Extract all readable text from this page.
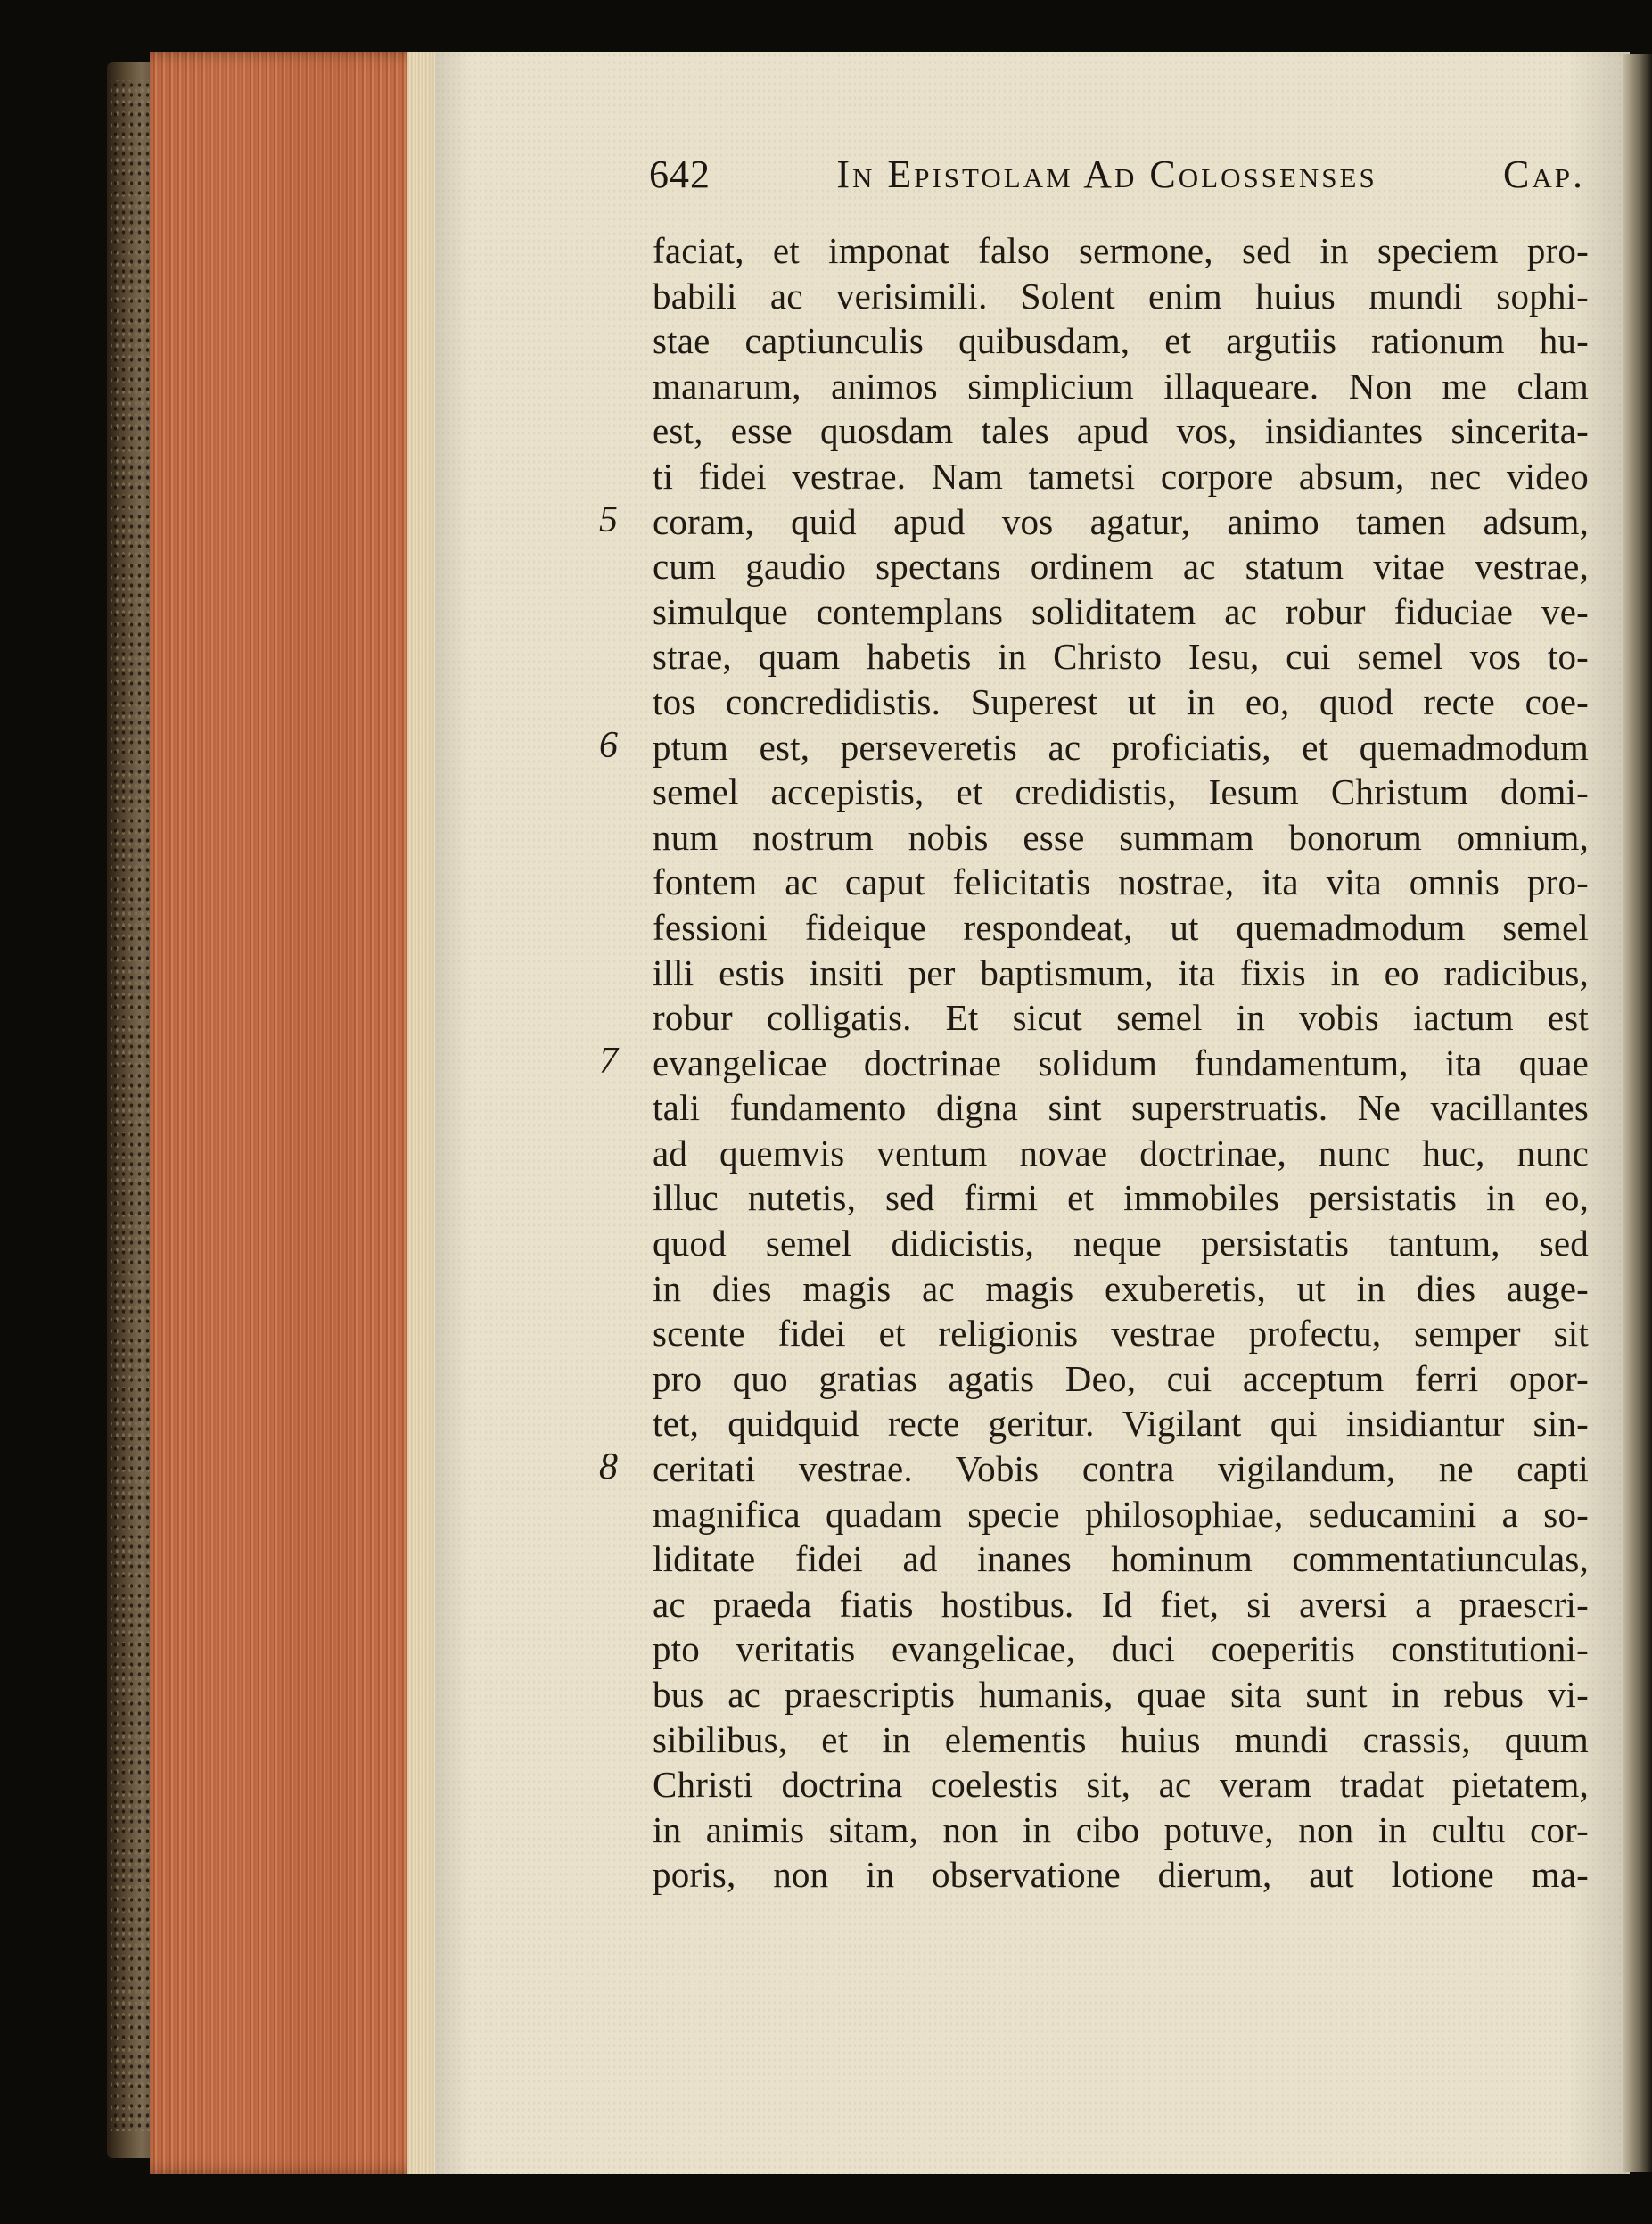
642	In Epistolam Ad Colossenses	Cap.
faciat, et imponat falso sermone, sed in speciem pro-
babili ac verisimili. Solent enim huius mundi sophi-
stae captiunculis quibusdam, et argutiis rationum hu-
manarum, animos simplicium illaqueare. Non me clam
est, esse quosdam tales apud vos, insidiantes sincerita-
ti fidei vestrae. Nam tametsi corpore absum, nec video
coram, quid apud vos agatur, animo tamen adsum,
cum gaudio spectans ordinem ac statum vitae vestrae,
simulque contemplans soliditatem ac robur fiduciae ve-
strae, quam habetis in Christo Iesu, cui semel vos to-
tos concredidistis. Superest ut in eo, quod recte coe-
ptum est, perseveretis ac proficiatis, et quemadmodum
semel accepistis, et credidistis, Iesum Christum domi-
num nostrum nobis esse summam bonorum omnium,
fontem ac caput felicitatis nostrae, ita vita omnis pro-
fessioni fideique respondeat, ut quemadmodum semel
illi estis insiti per baptismum, ita fixis in eo radicibus,
robur colligatis. Et sicut semel in vobis iactum est
evangelicae doctrinae solidum fundamentum, ita quae
tali fundamento digna sint superstruatis. Ne vacillantes
ad quemvis ventum novae doctrinae, nunc huc, nunc
illuc nutetis, sed firmi et immobiles persistatis in eo,
quod semel didicistis, neque persistatis tantum, sed
in dies magis ac magis exuberetis, ut in dies auge-
scente fidei et religionis vestrae profectu, semper sit
pro quo gratias agatis Deo, cui acceptum ferri opor-
tet, quidquid recte geritur. Vigilant qui insidiantur sin-
ceritati vestrae. Vobis contra vigilandum, ne capti
magnifica quadam specie philosophiae, seducamini a so-
liditate fidei ad inanes hominum commentatiunculas,
ac praeda fiatis hostibus. Id fiet, si aversi a praescri-
pto veritatis evangelicae, duci coeperitis constitutioni-
bus ac praescriptis humanis, quae sita sunt in rebus vi-
sibilibus, et in elementis huius mundi crassis, quum
Christi doctrina coelestis sit, ac veram tradat pietatem,
in animis sitam, non in cibo potuve, non in cultu cor-
poris, non in observatione dierum, aut lotione ma-
5
6
7
8
